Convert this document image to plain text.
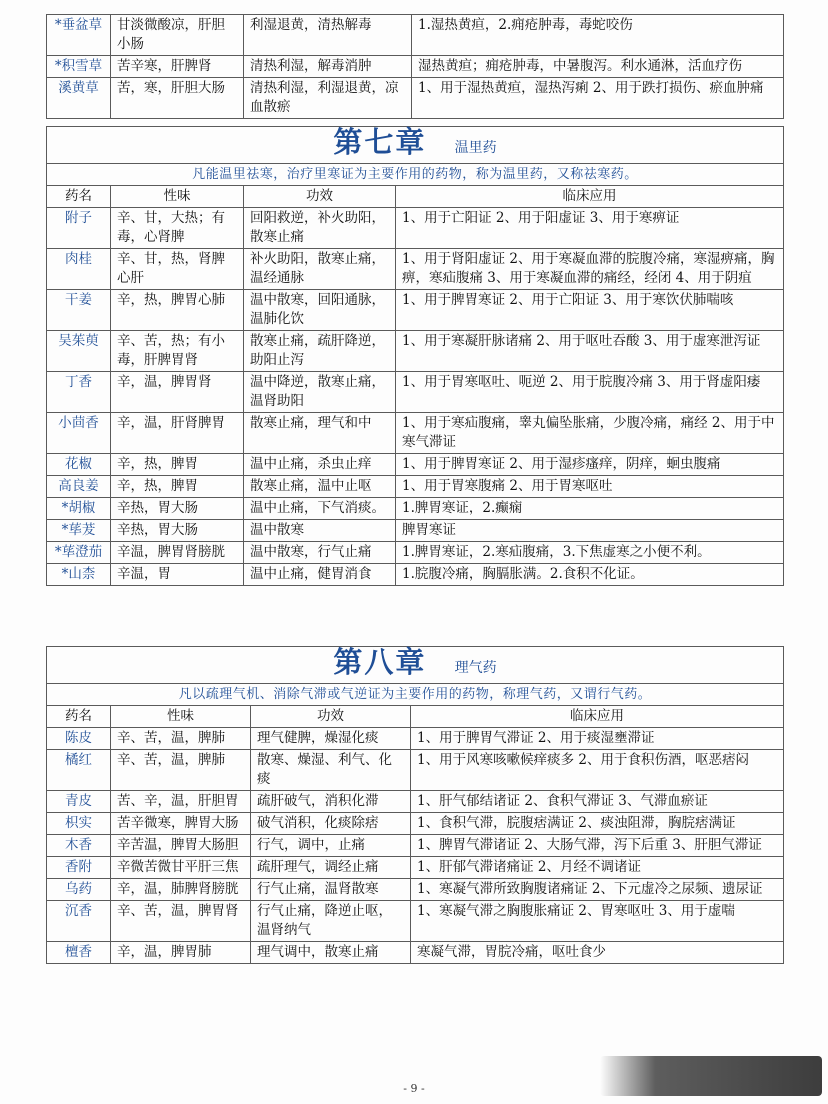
*垂盆草	甘淡微酸凉，肝胆小肠	利湿退黄，清热解毒	1.湿热黄疸，2.痈疮肿毒，毒蛇咬伤
*积雪草	苦辛寒，肝脾肾	清热利湿，解毒消肿	湿热黄疸；痈疮肿毒，中暑腹泻。利水通淋，活血疗伤
溪黄草	苦，寒，肝胆大肠	清热利湿，利湿退黄，凉血散瘀	1、用于湿热黄疸，湿热泻痢 2、用于跌打损伤、瘀血肿痛
第七章 温里药			
凡能温里祛寒，治疗里寒证为主要作用的药物，称为温里药，又称祛寒药。			
药名	性味	功效	临床应用
附子	辛、甘，大热；有毒，心肾脾	回阳救逆，补火助阳，散寒止痛	1、用于亡阳证 2、用于阳虚证 3、用于寒痹证
肉桂	辛、甘，热，肾脾心肝	补火助阳，散寒止痛，温经通脉	1、用于肾阳虚证 2、用于寒凝血滞的脘腹冷痛，寒湿痹痛，胸痹，寒疝腹痛 3、用于寒凝血滞的痛经，经闭 4、用于阴疽
干姜	辛，热，脾胃心肺	温中散寒，回阳通脉，温肺化饮	1、用于脾胃寒证 2、用于亡阳证 3、用于寒饮伏肺喘咳
吴茱萸	辛、苦，热；有小毒，肝脾胃肾	散寒止痛，疏肝降逆，助阳止泻	1、用于寒凝肝脉诸痛 2、用于呕吐吞酸 3、用于虚寒泄泻证
丁香	辛，温，脾胃肾	温中降逆，散寒止痛，温肾助阳	1、用于胃寒呕吐、呃逆 2、用于脘腹冷痛 3、用于肾虚阳痿
小茴香	辛，温，肝肾脾胃	散寒止痛，理气和中	1、用于寒疝腹痛，睾丸偏坠胀痛，少腹冷痛，痛经 2、用于中寒气滞证
花椒	辛，热，脾胃	温中止痛，杀虫止痒	1、用于脾胃寒证 2、用于湿疹瘙痒，阴痒，蛔虫腹痛
高良姜	辛，热，脾胃	散寒止痛，温中止呕	1、用于胃寒腹痛 2、用于胃寒呕吐
*胡椒	辛热，胃大肠	温中止痛，下气消痰。	1.脾胃寒证，2.癫痫
*荜茇	辛热，胃大肠	温中散寒	脾胃寒证
*荜澄茄	辛温，脾胃肾膀胱	温中散寒，行气止痛	1.脾胃寒证，2.寒疝腹痛，3.下焦虚寒之小便不利。
*山柰	辛温，胃	温中止痛，健胃消食	1.脘腹冷痛，胸膈胀满。2.食积不化证。
第八章 理气药			
凡以疏理气机、消除气滞或气逆证为主要作用的药物，称理气药，又谓行气药。			
药名	性味	功效	临床应用
陈皮	辛、苦，温，脾肺	理气健脾，燥湿化痰	1、用于脾胃气滞证 2、用于痰湿壅滞证
橘红	辛、苦，温，脾肺	散寒、燥湿、利气、化痰	1、用于风寒咳嗽候痒痰多 2、用于食积伤酒，呕恶痞闷
青皮	苦、辛，温，肝胆胃	疏肝破气，消积化滞	1、肝气郁结诸证 2、食积气滞证 3、气滞血瘀证
枳实	苦辛微寒，脾胃大肠	破气消积，化痰除痞	1、食积气滞，脘腹痞满证 2、痰浊阻滞，胸脘痞满证
木香	辛苦温，脾胃大肠胆	行气，调中，止痛	1、脾胃气滞诸证 2、大肠气滞，泻下后重 3、肝胆气滞证
香附	辛微苦微甘平肝三焦	疏肝理气，调经止痛	1、肝郁气滞诸痛证 2、月经不调诸证
乌药	辛，温，肺脾肾膀胱	行气止痛，温肾散寒	1、寒凝气滞所致胸腹诸痛证 2、下元虚冷之尿频、遗尿证
沉香	辛、苦，温，脾胃肾	行气止痛，降逆止呕，温肾纳气	1、寒凝气滞之胸腹胀痛证 2、胃寒呕吐 3、用于虚喘
檀香	辛，温，脾胃肺	理气调中，散寒止痛	寒凝气滞，胃脘冷痛，呕吐食少
- 9 -
